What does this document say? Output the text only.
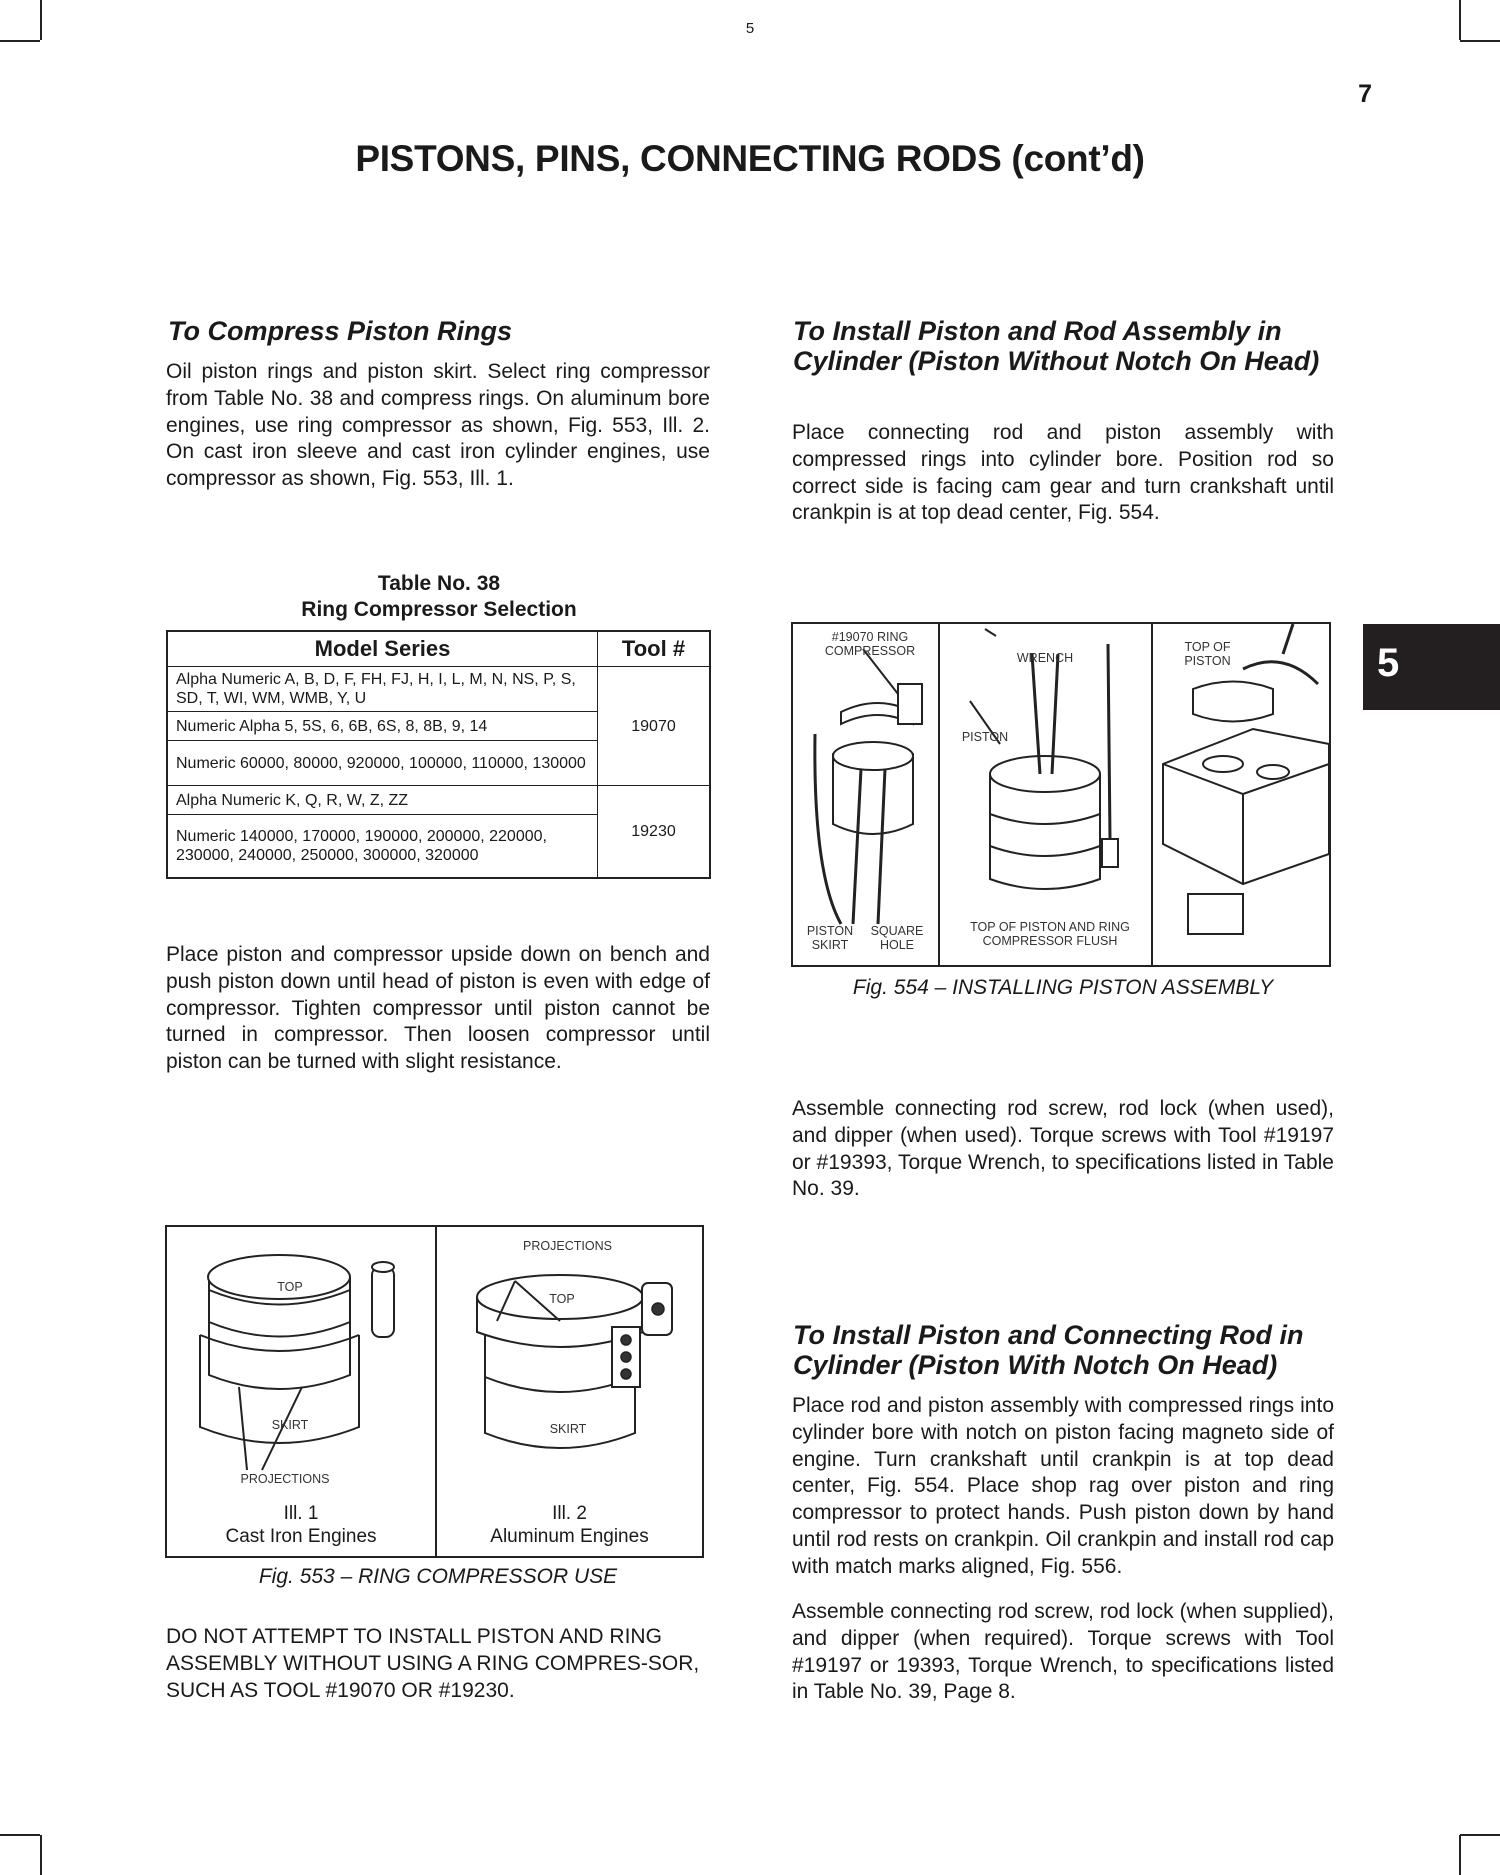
5
7
PISTONS, PINS, CONNECTING RODS (cont’d)
5
To Compress Piston Rings
Oil piston rings and piston skirt. Select ring compressor from Table No. 38 and compress rings. On aluminum bore engines, use ring compressor as shown, Fig. 553, Ill. 2. On cast iron sleeve and cast iron cylinder engines, use compressor as shown, Fig. 553, Ill. 1.
Table No. 38
Ring Compressor Selection
Model Series	Tool #
Alpha Numeric A, B, D, F, FH, FJ, H, I, L, M, N, NS, P, S, SD, T, WI, WM, WMB, Y, U	19070
Numeric Alpha 5, 5S, 6, 6B, 6S, 8, 8B, 9, 14	
Numeric 60000, 80000, 920000, 100000, 110000, 130000	
Alpha Numeric K, Q, R, W, Z, ZZ	19230
Numeric 140000, 170000, 190000, 200000, 220000, 230000, 240000, 250000, 300000, 320000	
Place piston and compressor upside down on bench and push piston down until head of piston is even with edge of compressor. Tighten compressor until piston cannot be turned in compressor. Then loosen compressor until piston can be turned with slight resistance.
TOP
SKIRT
PROJECTIONS
Ill. 1
Cast Iron Engines
PROJECTIONS
TOP
SKIRT
Ill. 2
Aluminum Engines
Fig. 553 – RING COMPRESSOR USE
DO NOT ATTEMPT TO INSTALL PISTON AND RING ASSEMBLY WITHOUT USING A RING COMPRES-SOR, SUCH AS TOOL #19070 OR #19230.
To Install Piston and Rod Assembly in Cylinder (Piston Without Notch On Head)
Place connecting rod and piston assembly with compressed rings into cylinder bore. Position rod so correct side is facing cam gear and turn crankshaft until crankpin is at top dead center, Fig. 554.
#19070 RING COMPRESSOR
PISTON SKIRT
SQUARE HOLE
WRENCH
PISTON
TOP OF PISTON AND RING COMPRESSOR FLUSH
TOP OF PISTON
Fig. 554 – INSTALLING PISTON ASSEMBLY
Assemble connecting rod screw, rod lock (when used), and dipper (when used). Torque screws with Tool #19197 or #19393, Torque Wrench, to specifications listed in Table No. 39.
To Install Piston and Connecting Rod in Cylinder (Piston With Notch On Head)
Place rod and piston assembly with compressed rings into cylinder bore with notch on piston facing magneto side of engine. Turn crankshaft until crankpin is at top dead center, Fig. 554. Place shop rag over piston and ring compressor to protect hands. Push piston down by hand until rod rests on crankpin. Oil crankpin and install rod cap with match marks aligned, Fig. 556.
Assemble connecting rod screw, rod lock (when supplied), and dipper (when required). Torque screws with Tool #19197 or 19393, Torque Wrench, to specifications listed in Table No. 39, Page 8.
